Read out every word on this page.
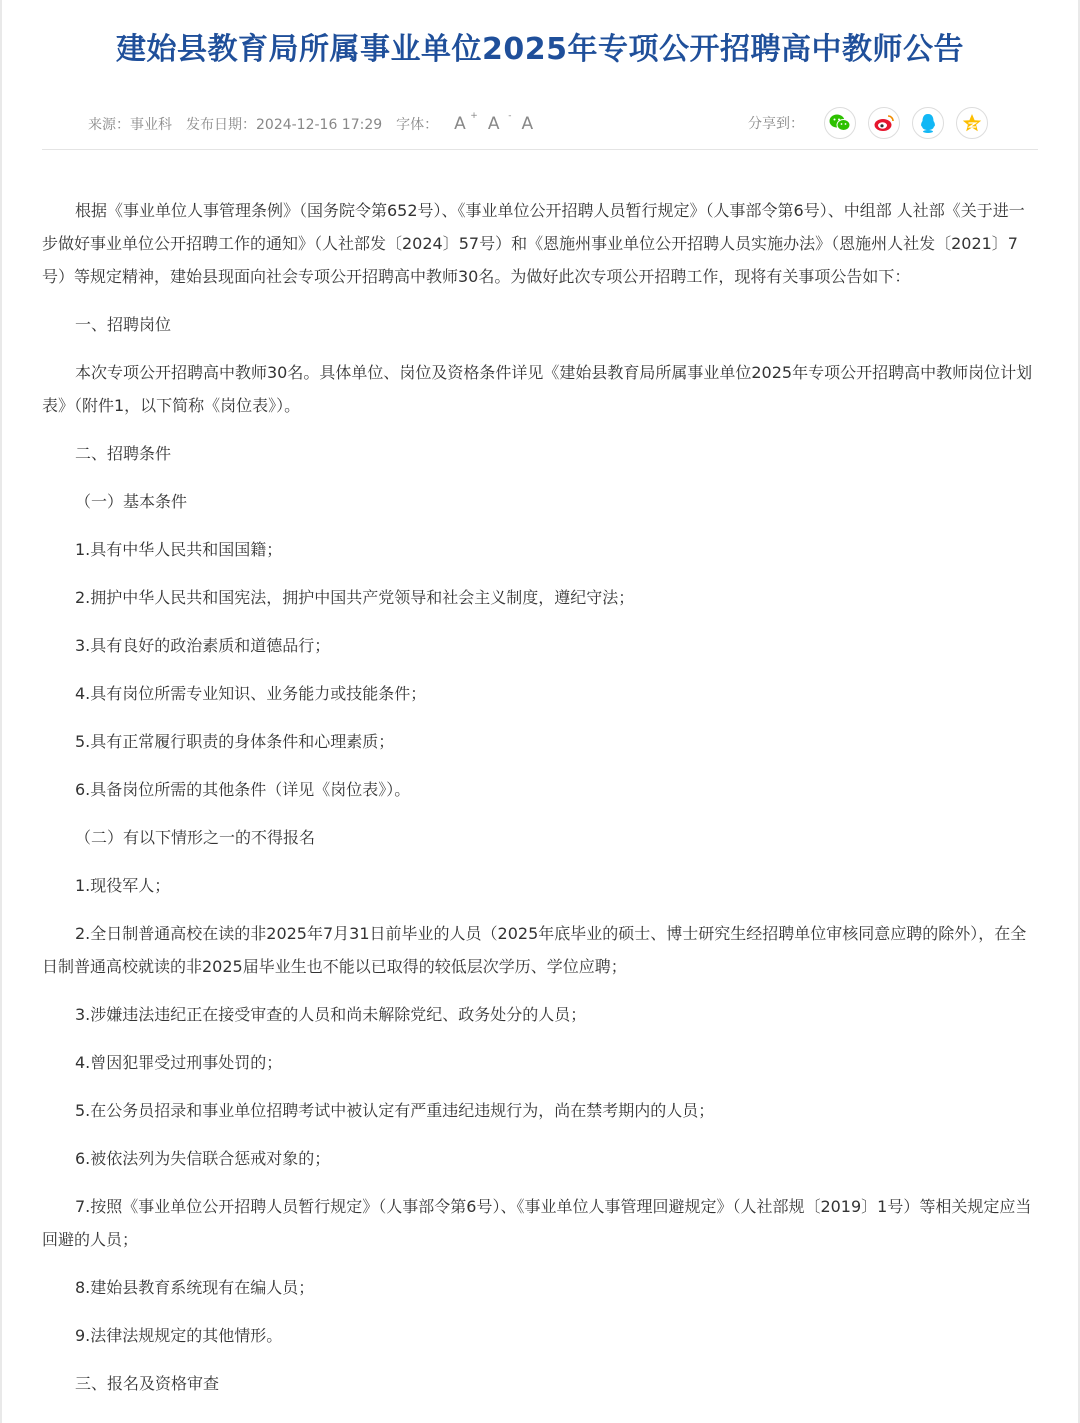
建始县教育局所属事业单位2025年专项公开招聘高中教师公告
来源：事业科 发布日期：2024-12-16 17:29 字体： A + A - A	分享到：

根据《事业单位人事管理条例》（国务院令第652号）、《事业单位公开招聘人员暂行规定》（人事部令第6号）、中组部 人社部《关于进一步做好事业单位公开招聘工作的通知》（人社部发〔2024〕57号）和《恩施州事业单位公开招聘人员实施办法》（恩施州人社发〔2021〕7号）等规定精神，建始县现面向社会专项公开招聘高中教师30名。为做好此次专项公开招聘工作，现将有关事项公告如下：

一、招聘岗位

本次专项公开招聘高中教师30名。具体单位、岗位及资格条件详见《建始县教育局所属事业单位2025年专项公开招聘高中教师岗位计划表》（附件1，以下简称《岗位表》）。

二、招聘条件

（一）基本条件

1.具有中华人民共和国国籍；

2.拥护中华人民共和国宪法，拥护中国共产党领导和社会主义制度，遵纪守法；

3.具有良好的政治素质和道德品行；

4.具有岗位所需专业知识、业务能力或技能条件；

5.具有正常履行职责的身体条件和心理素质；

6.具备岗位所需的其他条件（详见《岗位表》）。

（二）有以下情形之一的不得报名

1.现役军人；

2.全日制普通高校在读的非2025年7月31日前毕业的人员（2025年底毕业的硕士、博士研究生经招聘单位审核同意应聘的除外），在全日制普通高校就读的非2025届毕业生也不能以已取得的较低层次学历、学位应聘；

3.涉嫌违法违纪正在接受审查的人员和尚未解除党纪、政务处分的人员；

4.曾因犯罪受过刑事处罚的；

5.在公务员招录和事业单位招聘考试中被认定有严重违纪违规行为，尚在禁考期内的人员；

6.被依法列为失信联合惩戒对象的；

7.按照《事业单位公开招聘人员暂行规定》（人事部令第6号）、《事业单位人事管理回避规定》（人社部规〔2019〕1号）等相关规定应当回避的人员；

8.建始县教育系统现有在编人员；

9.法律法规规定的其他情形。

三、报名及资格审查
